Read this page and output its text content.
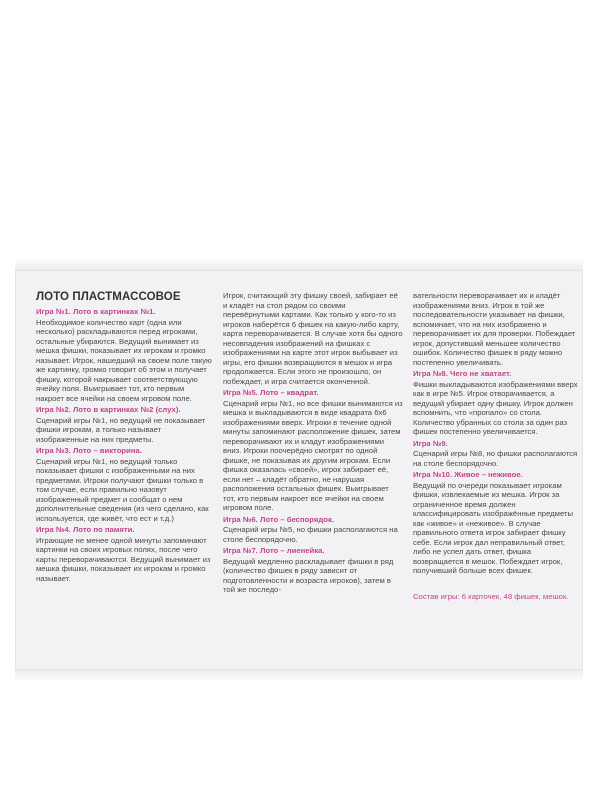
ЛОТО ПЛАСТМАССОВОЕ

Игра №1. Лото в картинках №1.

Необходимое количество карт (одна или несколько) раскладываются перед игроками, остальные убираются. Ведущий вынимает из мешка фишки, показывает их игрокам и громко называет. Игрок, нашедший на своем поле такую же картинку, громко говорит об этом и получает фишку, которой накрывает соответствующую ячейку поля. Выигрывает тот, кто первым накроет все ячейки на своем игровом поле.

Игра №2. Лото в картинках №2 (слух).

Сценарий игры №1, но ведущий не показывает фишки игрокам, а только называет изображенные на них предметы.

Игра №3. Лото – викторина.

Сценарий игры №1, но ведущий только показывает фишки с изображенными на них предметами. Игроки получают фишки только в том случае, если правильно назовут изображенный предмет и сообщат о нем дополнительные сведения (из чего сделано, как используется, где живёт, что ест и т.д.)

Игра №4. Лото по памяти.

Играющие не менее одной минуты запоминают картинки на своих игровых полях, после чего карты переворачиваются. Ведущий вынимает из мешка фишки, показывает их игрокам и громко называет.

Игрок, считающий эту фишку своей, забирает её и кладёт на стол рядом со своими перевёрнутыми картами. Как только у кого-то из игроков наберётся 6 фишек на какую-либо карту, карта переворачивается. В случае хотя бы одного несовпадения изображений на фишках с изображениями на карте этот игрок выбывает из игры, его фишки возвращаются в мешок и игра продолжается. Если этого не произошло, он побеждает, и игра считается оконченной.

Игра №5. Лото – квадрат.

Сценарий игры №1, но все фишки вынимаются из мешка и выкладываются в виде квадрата 6х6 изображениями вверх. Игроки в течение одной минуты запоминают расположение фишек, затем переворачивают их и кладут изображениями вниз. Игроки поочерёдно смотрят по одной фишке, не показывая их другим игрокам. Если фишка оказалась «своей», игрок забирает её, если нет – кладёт обратно, не нарушая расположения остальных фишек. Выигрывает тот, кто первым накроет все ячейки на своем игровом поле.

Игра №6. Лото – беспорядок.

Сценарий игры №5, но фишки располагаются на столе беспорядочно.

Игра №7. Лото – лиенейка.

Ведущий медленно раскладывает фишки в ряд (количество фишек в ряду зависит от подготовленности и возраста игроков), затем в той же последо-

вательности переворачивает их и кладёт изображениями вниз. Игрок в той же последовательности указывает на фишки, вспоминает, что на них изображено и переворачивает их для проверки. Побеждает игрок, допустивший меньшее количество ошибок. Количество фишек в ряду можно постепенно увеличивать.

Игра №8. Чего не хватает.

Фишки выкладываются изображениями вверх как в игре №5. Игрок отворачивается, а ведущий убирает одну фишку. Игрок должен вспомнить, что «пропало» со стола. Количество убранных со стола за один раз фишек постепенно увеличивается.

Игра №9.

Сценарий игры №8, но фишки располагаются на столе беспорядочно.

Игра №10. Живое – неживое.

Ведущий по очереди показывает игрокам фишки, извлекаемые из мешка. Игрок за ограниченное время должен классифицировать изображённые предметы как «живое» и «неживое». В случае правильного ответа игрок забирает фишку себе. Если игрок дал неправильный ответ, либо не успел дать ответ, фишка возвращается в мешок. Побеждает игрок, получивший больше всех фишек.

Состав игры: 6 карточек, 48 фишек, мешок.
